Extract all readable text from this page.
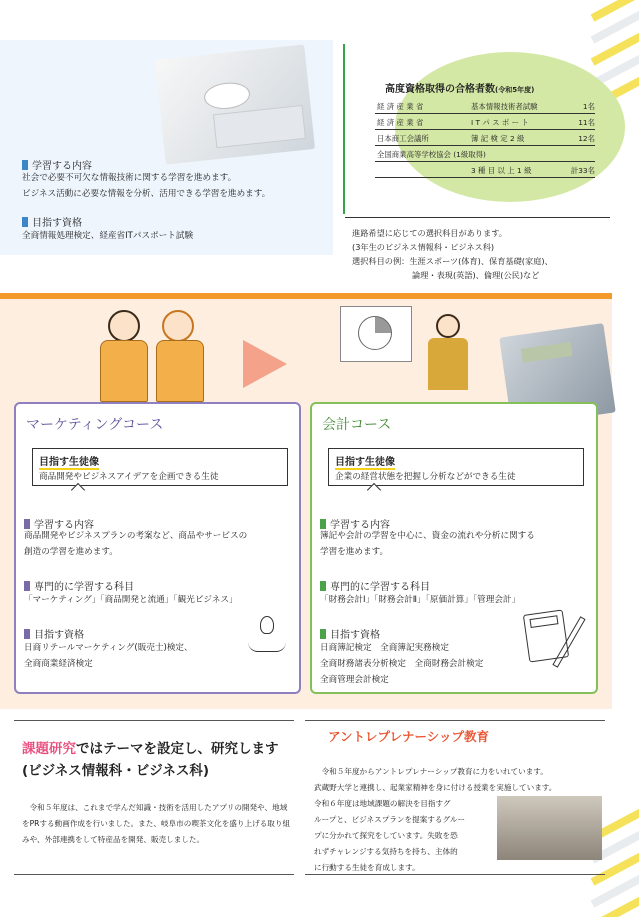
学習する内容
社会で必要不可欠な情報技術に関する学習を進めます。
ビジネス活動に必要な情報を分析、活用できる学習を進めます。
目指す資格
全商情報処理検定、経産省ITパスポート試験
高度資格取得の合格者数(令和5年度)
経 済 産 業 省	基本情報技術者試験	1名
経 済 産 業 省	I T パ ス ポ ー ト	11名
日本商工会議所	簿 記 検 定 2 級	12名
全国商業高等学校協会 (1級取得)
3 種 目 以 上 1 級	計33名
進路希望に応じての選択科目があります。
(3年生のビジネス情報科・ビジネス科)
選択科目の例：生涯スポーツ(体育)、保育基礎(家庭)、
論理・表現(英語)、倫理(公民)など
マーケティングコース
目指す生徒像
商品開発やビジネスアイデアを企画できる生徒
学習する内容
商品開発やビジネスプランの考案など、商品やサービスの
創造の学習を進めます。
専門的に学習する科目
「マーケティング」「商品開発と流通」「観光ビジネス」
目指す資格
日商リテールマーケティング(販売士)検定、
全商商業経済検定
会計コース
目指す生徒像
企業の経営状態を把握し分析などができる生徒
学習する内容
簿記や会計の学習を中心に、資金の流れや分析に関する
学習を進めます。
専門的に学習する科目
「財務会計Ⅰ」「財務会計Ⅱ」「原価計算」「管理会計」
目指す資格
日商簿記検定　全商簿記実務検定
全商財務諸表分析検定　全商財務会計検定
全商管理会計検定
課題研究ではテーマを設定し、研究します
(ビジネス情報科・ビジネス科)
　令和５年度は、これまで学んだ知識・技術を活用したアプリの開発や、地域をPRする動画作成を行いました。また、岐阜市の喫茶文化を盛り上げる取り組みや、外部連携をして特産品を開発、販売しました。
アントレプレナーシップ教育
　令和５年度からアントレプレナーシップ教育に力をいれています。
武蔵野大学と連携し、起業家精神を身に付ける授業を実施しています。
令和６年度は地域課題の解決を目指すグ
ループと、ビジネスプランを提案するグルー
プに分かれて探究をしています。失敗を恐
れずチャレンジする気持ちを持ち、主体的
に行動する生徒を育成します。
